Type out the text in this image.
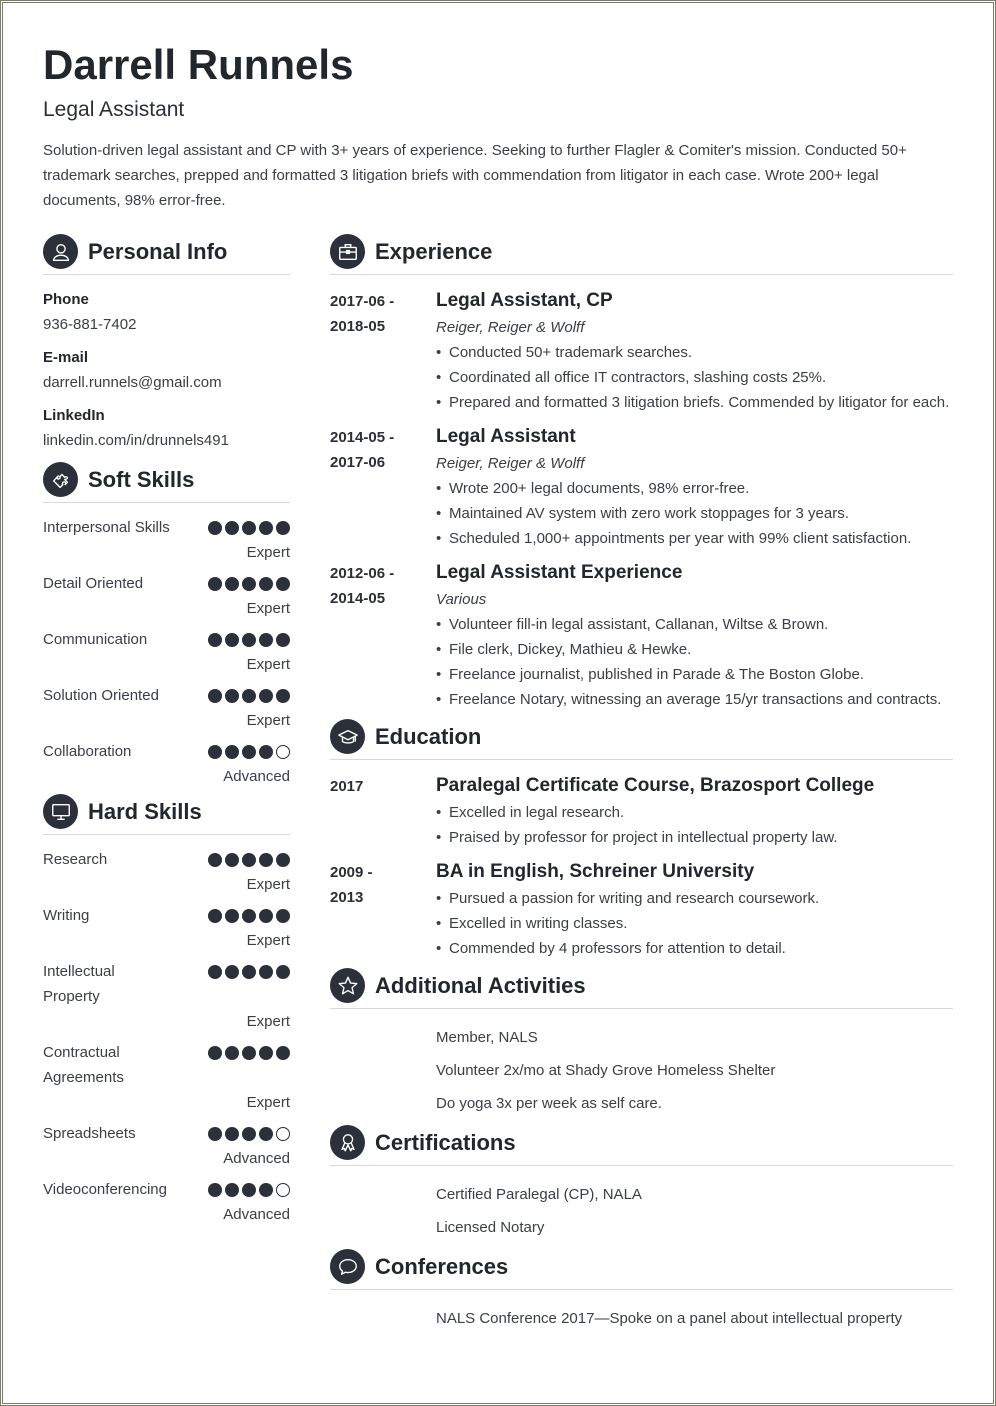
Darrell Runnels
Legal Assistant
Solution-driven legal assistant and CP with 3+ years of experience. Seeking to further Flagler & Comiter's mission. Conducted 50+ trademark searches, prepped and formatted 3 litigation briefs with commendation from litigator in each case. Wrote 200+ legal documents, 98% error-free.
Personal Info
Phone
936-881-7402
E-mail
darrell.runnels@gmail.com
LinkedIn
linkedin.com/in/drunnels491
Soft Skills
Interpersonal Skills
Expert
Detail Oriented
Expert
Communication
Expert
Solution Oriented
Expert
Collaboration
Advanced
Hard Skills
Research
Expert
Writing
Expert
Intellectual Property
Expert
Contractual Agreements
Expert
Spreadsheets
Advanced
Videoconferencing
Advanced
Experience
2017-06 -
2018-05
Legal Assistant, CP
Reiger, Reiger & Wolff
• Conducted 50+ trademark searches.
• Coordinated all office IT contractors, slashing costs 25%.
• Prepared and formatted 3 litigation briefs. Commended by litigator for each.
2014-05 -
2017-06
Legal Assistant
Reiger, Reiger & Wolff
• Wrote 200+ legal documents, 98% error-free.
• Maintained AV system with zero work stoppages for 3 years.
• Scheduled 1,000+ appointments per year with 99% client satisfaction.
2012-06 -
2014-05
Legal Assistant Experience
Various
• Volunteer fill-in legal assistant, Callanan, Wiltse & Brown.
• File clerk, Dickey, Mathieu & Hewke.
• Freelance journalist, published in Parade & The Boston Globe.
• Freelance Notary, witnessing an average 15/yr transactions and contracts.
Education
2017	Paralegal Certificate Course, Brazosport College
• Excelled in legal research.
• Praised by professor for project in intellectual property law.
2009 -
2013
BA in English, Schreiner University
• Pursued a passion for writing and research coursework.
• Excelled in writing classes.
• Commended by 4 professors for attention to detail.
Additional Activities
Member, NALS
Volunteer 2x/mo at Shady Grove Homeless Shelter
Do yoga 3x per week as self care.
Certifications
Certified Paralegal (CP), NALA
Licensed Notary
Conferences
NALS Conference 2017—Spoke on a panel about intellectual property
